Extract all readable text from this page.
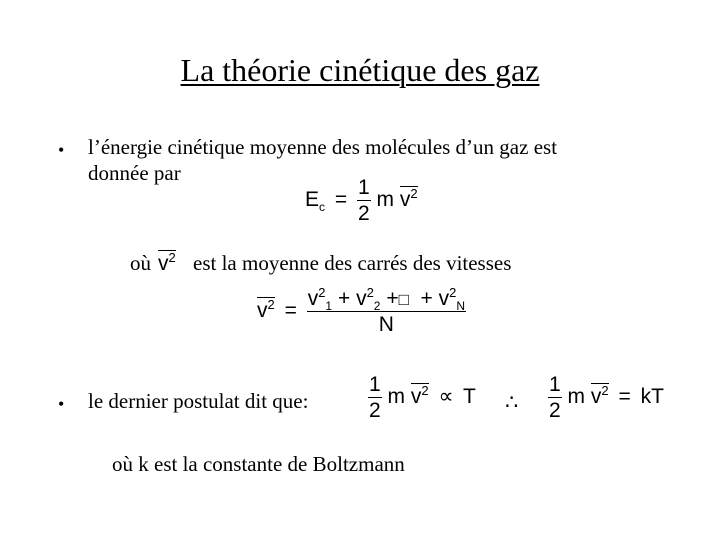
La théorie cinétique des gaz
• l’énergie cinétique moyenne des molécules d’un gaz est
donnée par
$E_c = \frac{1}{2}$ m $v^2$
où $v^2$ est la moyenne des carrés des vitesses
$v^2 = \frac{v^2_1 + v^2_2 +□ + v^2_N}{N}$
• le dernier postulat dit que:	$\frac{1}{2}$ m $v^2 \propto T$ ∴ $\frac{1}{2}$ m $v^2$ = kT
où k est la constante de Boltzmann
